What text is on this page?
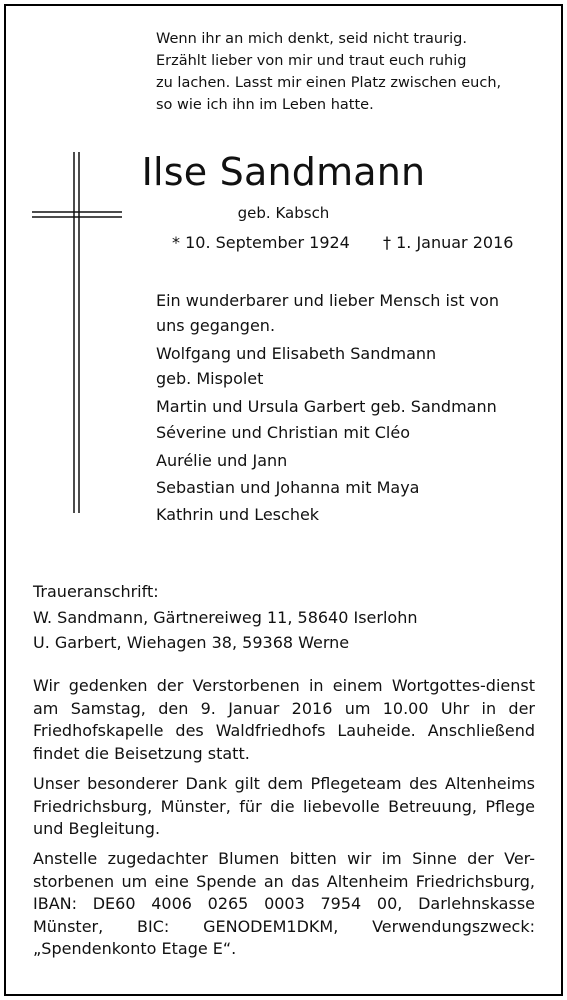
Wenn ihr an mich denkt, seid nicht traurig.
Erzählt lieber von mir und traut euch ruhig
zu lachen. Lasst mir einen Platz zwischen euch,
so wie ich ihn im Leben hatte.
Ilse Sandmann
geb. Kabsch
* 10. September 1924 † 1. Januar 2016
Ein wunderbarer und lieber Mensch ist von
uns gegangen.
Wolfgang und Elisabeth Sandmann
geb. Mispolet
Martin und Ursula Garbert geb. Sandmann
Séverine und Christian mit Cléo
Aurélie und Jann
Sebastian und Johanna mit Maya
Kathrin und Leschek
Traueranschrift:
W. Sandmann, Gärtnereiweg 11, 58640 Iserlohn
U. Garbert, Wiehagen 38, 59368 Werne
Wir gedenken der Verstorbenen in einem Wortgottes-dienst am Samstag, den 9. Januar 2016 um 10.00 Uhr in der Friedhofskapelle des Waldfriedhofs Lauheide. Anschließend findet die Beisetzung statt.
Unser besonderer Dank gilt dem Pflegeteam des Altenheims Friedrichsburg, Münster, für die liebevolle Betreuung, Pflege und Begleitung.
Anstelle zugedachter Blumen bitten wir im Sinne der Ver-storbenen um eine Spende an das Altenheim Friedrichsburg, IBAN: DE60 4006 0265 0003 7954 00, Darlehnskasse Münster, BIC: GENODEM1DKM, Verwendungszweck: „Spendenkonto Etage E“.
